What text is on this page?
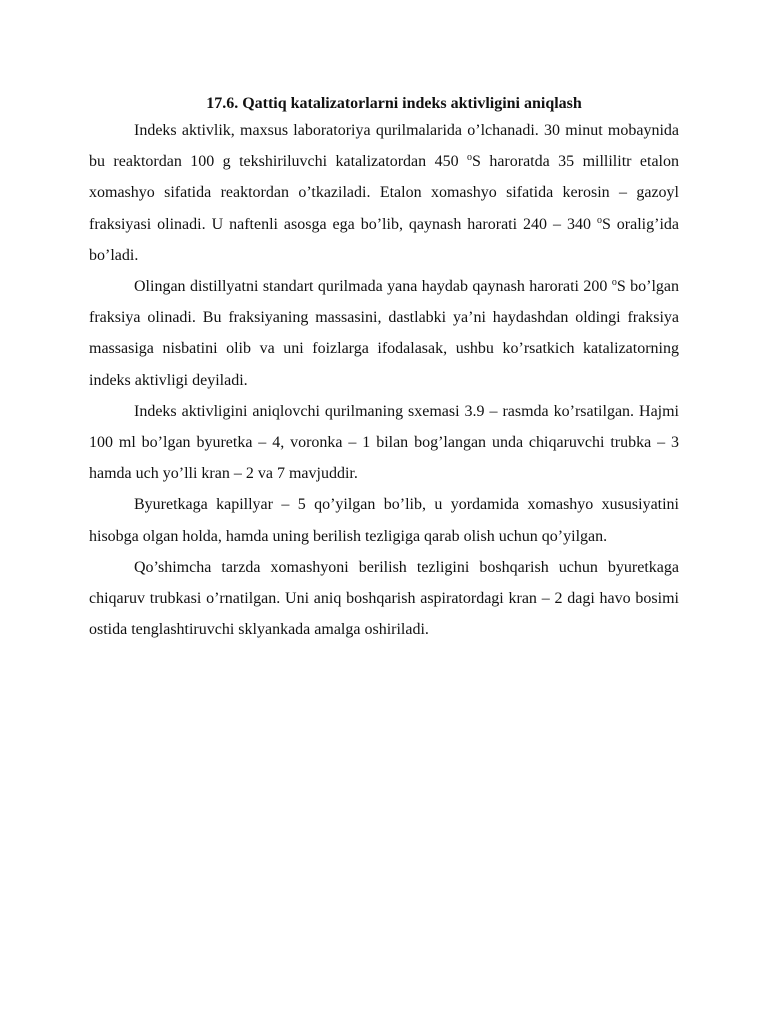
17.6. Qattiq katalizatorlarni indeks aktivligini aniqlash

Indeks aktivlik, maxsus laboratoriya qurilmalarida o’lchanadi. 30 minut mobaynida bu reaktordan 100 g tekshiriluvchi katalizatordan 450 $^o$S haroratda 35 millilitr etalon xomashyo sifatida reaktordan o’tkaziladi. Etalon xomashyo sifatida kerosin – gazoyl fraksiyasi olinadi. U naftenli asosga ega bo’lib, qaynash harorati 240 – 340 $^o$S oralig’ida bo’ladi.

Olingan distillyatni standart qurilmada yana haydab qaynash harorati 200 $^o$S bo’lgan fraksiya olinadi. Bu fraksiyaning massasini, dastlabki ya’ni haydashdan oldingi fraksiya massasiga nisbatini olib va uni foizlarga ifodalasak, ushbu ko’rsatkich katalizatorning indeks aktivligi deyiladi.

Indeks aktivligini aniqlovchi qurilmaning sxemasi 3.9 – rasmda ko’rsatilgan. Hajmi 100 ml bo’lgan byuretka – 4, voronka – 1 bilan bog’langan unda chiqaruvchi trubka – 3 hamda uch yo’lli kran – 2 va 7 mavjuddir.

Byuretkaga kapillyar – 5 qo’yilgan bo’lib, u yordamida xomashyo xususiyatini hisobga olgan holda, hamda uning berilish tezligiga qarab olish uchun qo’yilgan.

Qo’shimcha tarzda xomashyoni berilish tezligini boshqarish uchun byuretkaga chiqaruv trubkasi o’rnatilgan. Uni aniq boshqarish aspiratordagi kran – 2 dagi havo bosimi ostida tenglashtiruvchi sklyankada amalga oshiriladi.
